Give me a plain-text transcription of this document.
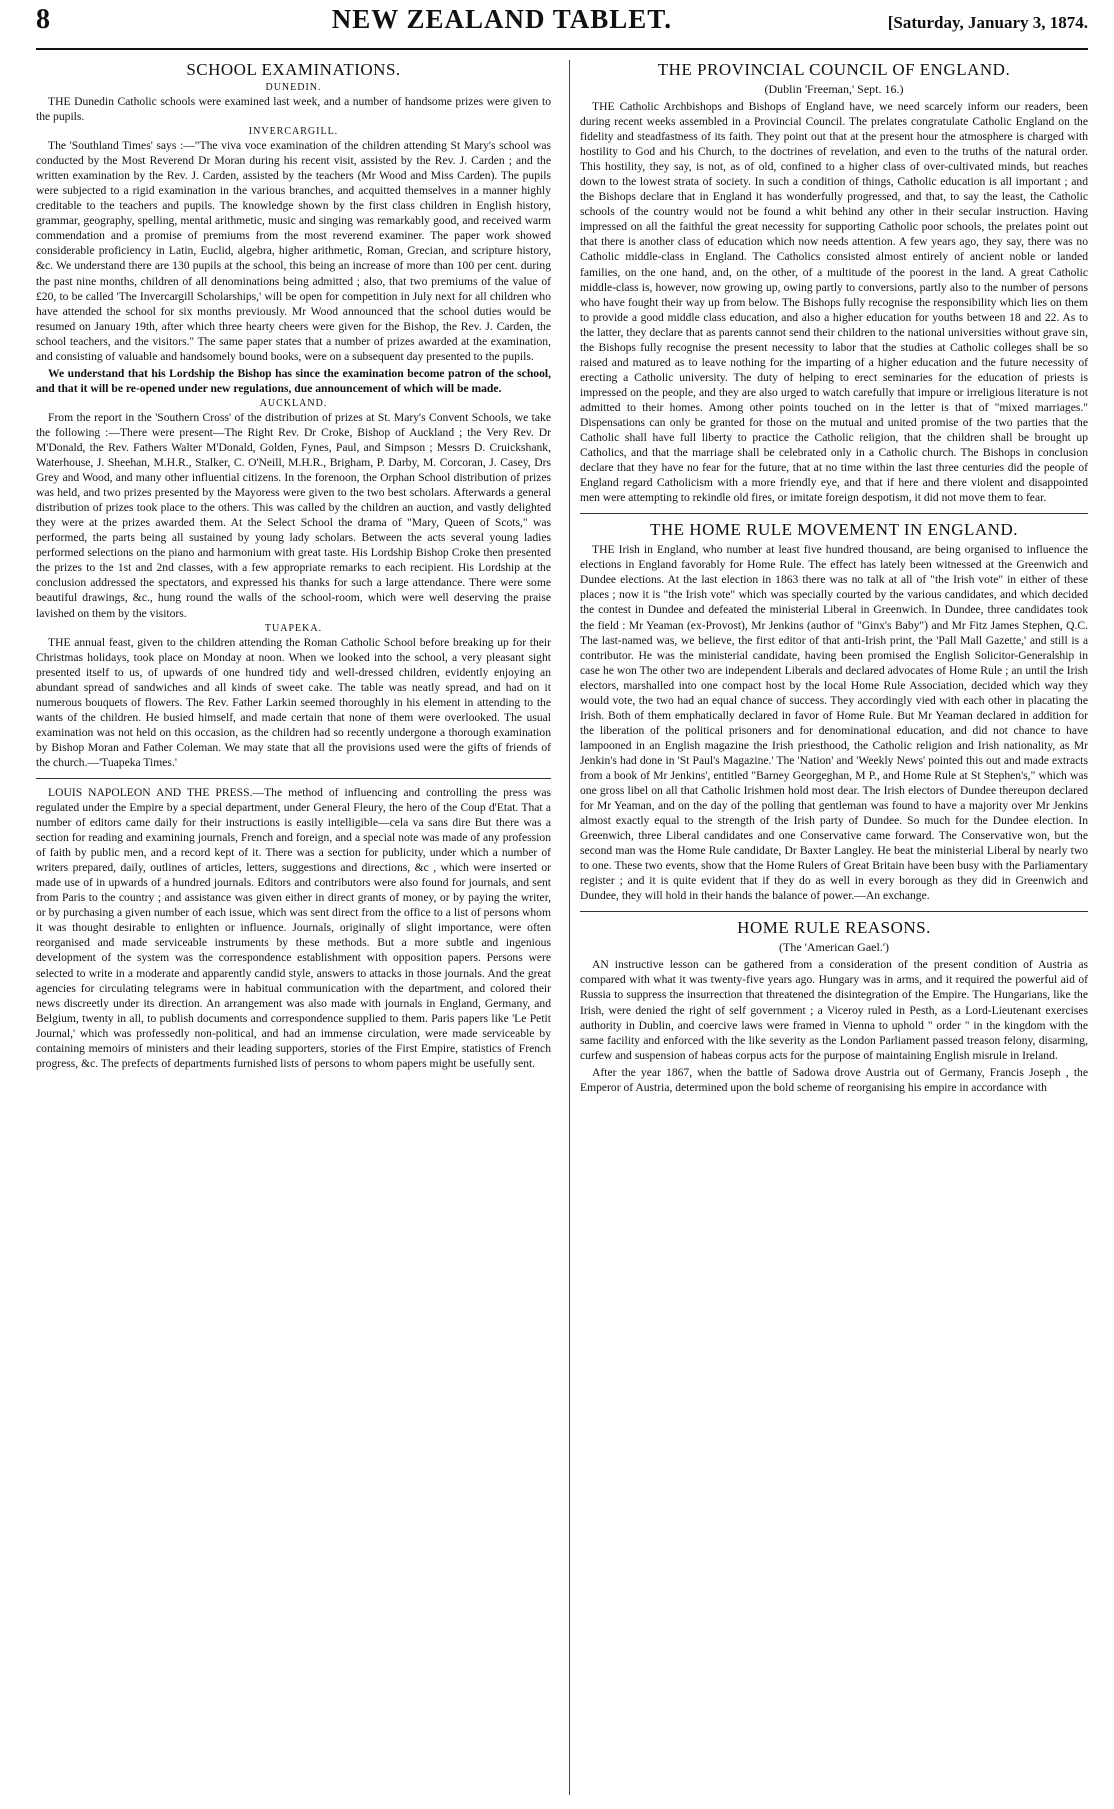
8	NEW ZEALAND TABLET.	[Saturday, January 3, 1874.
SCHOOL EXAMINATIONS.
DUNEDIN.

THE Dunedin Catholic schools were examined last week, and a number of handsome prizes were given to the pupils.

INVERCARGILL.

The 'Southland Times' says :—"The viva voce examination of the children attending St Mary's school was conducted by the Most Reverend Dr Moran during his recent visit, assisted by the Rev. J. Carden ; and the written examination by the Rev. J. Carden, assisted by the teachers (Mr Wood and Miss Carden). The pupils were subjected to a rigid examination in the various branches, and acquitted themselves in a manner highly creditable to the teachers and pupils. The knowledge shown by the first class children in English history, grammar, geography, spelling, mental arithmetic, music and singing was remarkably good, and received warm commendation and a promise of premiums from the most reverend examiner. The paper work showed considerable proficiency in Latin, Euclid, algebra, higher arithmetic, Roman, Grecian, and scripture history, &c. We understand there are 130 pupils at the school, this being an increase of more than 100 per cent. during the past nine months, children of all denominations being admitted ; also, that two premiums of the value of £20, to be called 'The Invercargill Scholarships,' will be open for competition in July next for all children who have attended the school for six months previously. Mr Wood announced that the school duties would be resumed on January 19th, after which three hearty cheers were given for the Bishop, the Rev. J. Carden, the school teachers, and the visitors." The same paper states that a number of prizes awarded at the examination, and consisting of valuable and handsomely bound books, were on a subsequent day presented to the pupils.

We understand that his Lordship the Bishop has since the examination become patron of the school, and that it will be re-opened under new regulations, due announcement of which will be made.

AUCKLAND.

From the report in the 'Southern Cross' of the distribution of prizes at St. Mary's Convent Schools, we take the following :—There were present—The Right Rev. Dr Croke, Bishop of Auckland ; the Very Rev. Dr M'Donald, the Rev. Fathers Walter M'Donald, Golden, Fynes, Paul, and Simpson ; Messrs D. Cruickshank, Waterhouse, J. Sheehan, M.H.R., Stalker, C. O'Neill, M.H.R., Brigham, P. Darby, M. Corcoran, J. Casey, Drs Grey and Wood, and many other influential citizens. In the forenoon, the Orphan School distribution of prizes was held, and two prizes presented by the Mayoress were given to the two best scholars. Afterwards a general distribution of prizes took place to the others. This was called by the children an auction, and vastly delighted they were at the prizes awarded them. At the Select School the drama of "Mary, Queen of Scots," was performed, the parts being all sustained by young lady scholars. Between the acts several young ladies performed selections on the piano and harmonium with great taste. His Lordship Bishop Croke then presented the prizes to the 1st and 2nd classes, with a few appropriate remarks to each recipient. His Lordship at the conclusion addressed the spectators, and expressed his thanks for such a large attendance. There were some beautiful drawings, &c., hung round the walls of the school-room, which were well deserving the praise lavished on them by the visitors.

TUAPEKA.

THE annual feast, given to the children attending the Roman Catholic School before breaking up for their Christmas holidays, took place on Monday at noon. When we looked into the school, a very pleasant sight presented itself to us, of upwards of one hundred tidy and well-dressed children, evidently enjoying an abundant spread of sandwiches and all kinds of sweet cake. The table was neatly spread, and had on it numerous bouquets of flowers. The Rev. Father Larkin seemed thoroughly in his element in attending to the wants of the children. He busied himself, and made certain that none of them were overlooked. The usual examination was not held on this occasion, as the children had so recently undergone a thorough examination by Bishop Moran and Father Coleman. We may state that all the provisions used were the gifts of friends of the church.—'Tuapeka Times.'

LOUIS NAPOLEON AND THE PRESS.—The method of influencing and controlling the press was regulated under the Empire by a special department, under General Fleury, the hero of the Coup d'Etat. That a number of editors came daily for their instructions is easily intelligible—cela va sans dire But there was a section for reading and examining journals, French and foreign, and a special note was made of any profession of faith by public men, and a record kept of it. There was a section for publicity, under which a number of writers prepared, daily, outlines of articles, letters, suggestions and directions, &c , which were inserted or made use of in upwards of a hundred journals. Editors and contributors were also found for journals, and sent from Paris to the country ; and assistance was given either in direct grants of money, or by paying the writer, or by purchasing a given number of each issue, which was sent direct from the office to a list of persons whom it was thought desirable to enlighten or influence. Journals, originally of slight importance, were often reorganised and made serviceable instruments by these methods. But a more subtle and ingenious development of the system was the correspondence establishment with opposition papers. Persons were selected to write in a moderate and apparently candid style, answers to attacks in those journals. And the great agencies for circulating telegrams were in habitual communication with the department, and colored their news discreetly under its direction. An arrangement was also made with journals in England, Germany, and Belgium, twenty in all, to publish documents and correspondence supplied to them. Paris papers like 'Le Petit Journal,' which was professedly non-political, and had an immense circulation, were made serviceable by containing memoirs of ministers and their leading supporters, stories of the First Empire, statistics of French progress, &c. The prefects of departments furnished lists of persons to whom papers might be usefully sent.

THE PROVINCIAL COUNCIL OF ENGLAND.
(Dublin 'Freeman,' Sept. 16.)

THE Catholic Archbishops and Bishops of England have, we need scarcely inform our readers, been during recent weeks assembled in a Provincial Council. The prelates congratulate Catholic England on the fidelity and steadfastness of its faith. They point out that at the present hour the atmosphere is charged with hostility to God and his Church, to the doctrines of revelation, and even to the truths of the natural order. This hostility, they say, is not, as of old, confined to a higher class of over-cultivated minds, but reaches down to the lowest strata of society. In such a condition of things, Catholic education is all important ; and the Bishops declare that in England it has wonderfully progressed, and that, to say the least, the Catholic schools of the country would not be found a whit behind any other in their secular instruction. Having impressed on all the faithful the great necessity for supporting Catholic poor schools, the prelates point out that there is another class of education which now needs attention. A few years ago, they say, there was no Catholic middle-class in England. The Catholics consisted almost entirely of ancient noble or landed families, on the one hand, and, on the other, of a multitude of the poorest in the land. A great Catholic middle-class is, however, now growing up, owing partly to conversions, partly also to the number of persons who have fought their way up from below. The Bishops fully recognise the responsibility which lies on them to provide a good middle class education, and also a higher education for youths between 18 and 22. As to the latter, they declare that as parents cannot send their children to the national universities without grave sin, the Bishops fully recognise the present necessity to labor that the studies at Catholic colleges shall be so raised and matured as to leave nothing for the imparting of a higher education and the future necessity of erecting a Catholic university. The duty of helping to erect seminaries for the education of priests is impressed on the people, and they are also urged to watch carefully that impure or irreligious literature is not admitted to their homes. Among other points touched on in the letter is that of "mixed marriages." Dispensations can only be granted for those on the mutual and united promise of the two parties that the Catholic shall have full liberty to practice the Catholic religion, that the children shall be brought up Catholics, and that the marriage shall be celebrated only in a Catholic church. The Bishops in conclusion declare that they have no fear for the future, that at no time within the last three centuries did the people of England regard Catholicism with a more friendly eye, and that if here and there violent and disappointed men were attempting to rekindle old fires, or imitate foreign despotism, it did not move them to fear.

THE HOME RULE MOVEMENT IN ENGLAND.

THE Irish in England, who number at least five hundred thousand, are being organised to influence the elections in England favorably for Home Rule. The effect has lately been witnessed at the Greenwich and Dundee elections. At the last election in 1863 there was no talk at all of "the Irish vote" in either of these places ; now it is "the Irish vote" which was specially courted by the various candidates, and which decided the contest in Dundee and defeated the ministerial Liberal in Greenwich. In Dundee, three candidates took the field : Mr Yeaman (ex-Provost), Mr Jenkins (author of "Ginx's Baby") and Mr Fitz James Stephen, Q.C. The last-named was, we believe, the first editor of that anti-Irish print, the 'Pall Mall Gazette,' and still is a contributor. He was the ministerial candidate, having been promised the English Solicitor-Generalship in case he won The other two are independent Liberals and declared advocates of Home Rule ; an until the Irish electors, marshalled into one compact host by the local Home Rule Association, decided which way they would vote, the two had an equal chance of success. They accordingly vied with each other in placating the Irish. Both of them emphatically declared in favor of Home Rule. But Mr Yeaman declared in addition for the liberation of the political prisoners and for denominational education, and did not chance to have lampooned in an English magazine the Irish priesthood, the Catholic religion and Irish nationality, as Mr Jenkin's had done in 'St Paul's Magazine.' The 'Nation' and 'Weekly News' pointed this out and made extracts from a book of Mr Jenkins', entitled "Barney Georgeghan, M P., and Home Rule at St Stephen's," which was one gross libel on all that Catholic Irishmen hold most dear. The Irish electors of Dundee thereupon declared for Mr Yeaman, and on the day of the polling that gentleman was found to have a majority over Mr Jenkins almost exactly equal to the strength of the Irish party of Dundee. So much for the Dundee election. In Greenwich, three Liberal candidates and one Conservative came forward. The Conservative won, but the second man was the Home Rule candidate, Dr Baxter Langley. He beat the ministerial Liberal by nearly two to one. These two events, show that the Home Rulers of Great Britain have been busy with the Parliamentary register ; and it is quite evident that if they do as well in every borough as they did in Greenwich and Dundee, they will hold in their hands the balance of power.—An exchange.

HOME RULE REASONS.
(The 'American Gael.')

AN instructive lesson can be gathered from a consideration of the present condition of Austria as compared with what it was twenty-five years ago. Hungary was in arms, and it required the powerful aid of Russia to suppress the insurrection that threatened the disintegration of the Empire. The Hungarians, like the Irish, were denied the right of self government ; a Viceroy ruled in Pesth, as a Lord-Lieutenant exercises authority in Dublin, and coercive laws were framed in Vienna to uphold " order " in the kingdom with the same facility and enforced with the like severity as the London Parliament passed treason felony, disarming, curfew and suspension of habeas corpus acts for the purpose of maintaining English misrule in Ireland.

After the year 1867, when the battle of Sadowa drove Austria out of Germany, Francis Joseph , the Emperor of Austria, determined upon the bold scheme of reorganising his empire in accordance with
